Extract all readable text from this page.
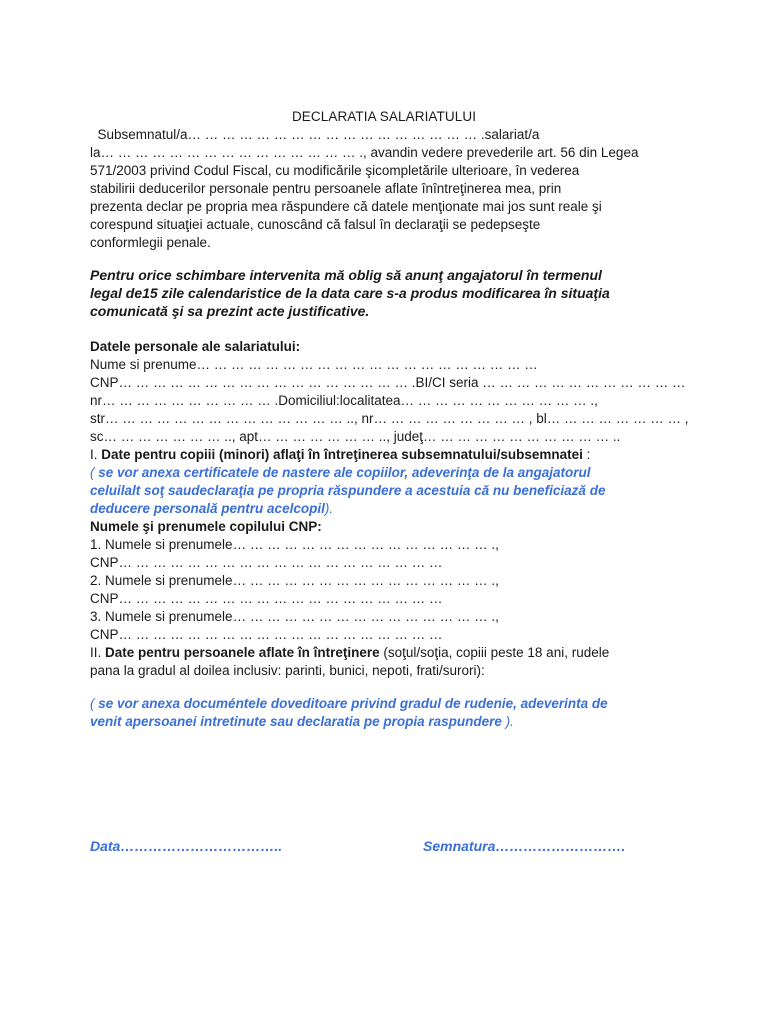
DECLARATIA SALARIATULUI
Subsemnatul/a… … … … … … … … … … … … … … … … … .salariat/a
la… … … … … … … … … … … … … … … ., avandin vedere prevederile art. 56 din Legea
571/2003 privind Codul Fiscal, cu modificările şicompletările ulterioare, în vederea
stabilirii deducerilor personale pentru persoanele aflate înîntreţinerea mea, prin
prezenta declar pe propria mea răspundere că datele menţionate mai jos sunt reale şi
corespund situaţiei actuale, cunoscând că falsul în declaraţii se pedepseşte
conformlegii penale.
Pentru orice schimbare intervenita mă oblig să anunţ angajatorul în termenul
legal de15 zile calendaristice de la data care s-a produs modificarea în situaţia
comunicată şi sa prezint acte justificative.
Datele personale ale salariatului:
Nume si prenume… … … … … … … … … … … … … … … … … … … …
CNP… … … … … … … … … … … … … … … … … .BI/CI seria … … … … … … … … … … … …
nr… … … … … … … … … … .Domiciliul:localitatea… … … … … … … … … … … .,
str… … … … … … … … … … … … … … .., nr… … … … … … … … … , bl… … … … … … … … ,
sc… … … … … … … .., apt… … … … … … … .., judeţ… … … … … … … … … … … ..
I. Date pentru copiii (minori) aflaţi în întreţinerea subsemnatului/subsemnatei :
( se vor anexa certificatele de nastere ale copiilor, adeverinţa de la angajatorul
celuilalt soţ saudeclaraţia pe propria răspundere a acestuia că nu beneficiază de
deducere personală pentru acelcopil).
Numele şi prenumele copilului CNP:
1. Numele si prenumele… … … … … … … … … … … … … … … .,
CNP… … … … … … … … … … … … … … … … … … …
2. Numele si prenumele… … … … … … … … … … … … … … … .,
CNP… … … … … … … … … … … … … … … … … … …
3. Numele si prenumele… … … … … … … … … … … … … … … .,
CNP… … … … … … … … … … … … … … … … … … …
II. Date pentru persoanele aflate în întreţinere (soţul/soţia, copiii peste 18 ani, rudele
pana la gradul al doilea inclusiv: parinti, bunici, nepoti, frati/surori):
( se vor anexa documéntele doveditoare privind gradul de rudenie, adeverinta de
venit apersoanei intretinute sau declaratia pe propia raspundere ).
Data……………………………..	Semnatura……………………….
